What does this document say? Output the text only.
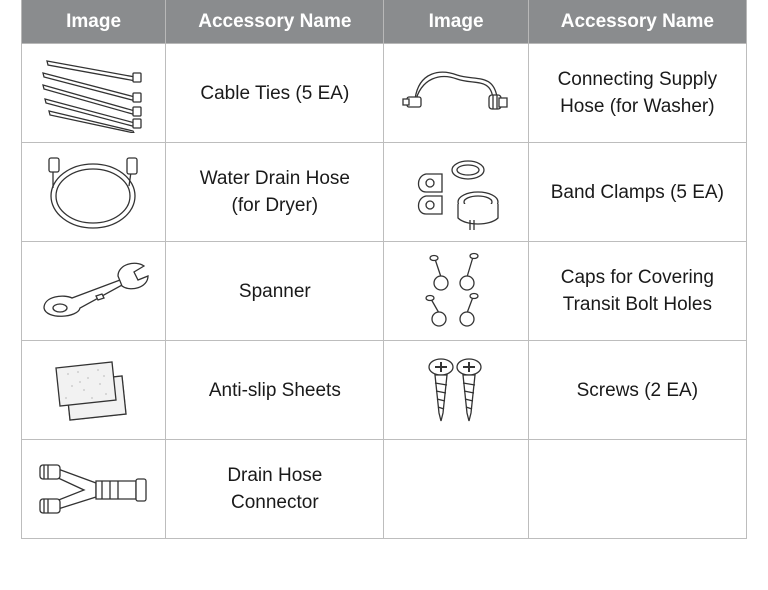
Image	Accessory Name	Image	Accessory Name

	Cable Ties (5 EA)		Connecting Supply
Hose (for Washer)

	Water Drain Hose
(for Dryer)		Band Clamps (5 EA)

	Spanner		Caps for Covering
Transit Bolt Holes

	Anti-slip Sheets		Screws (2 EA)

	Drain Hose
Connector		
